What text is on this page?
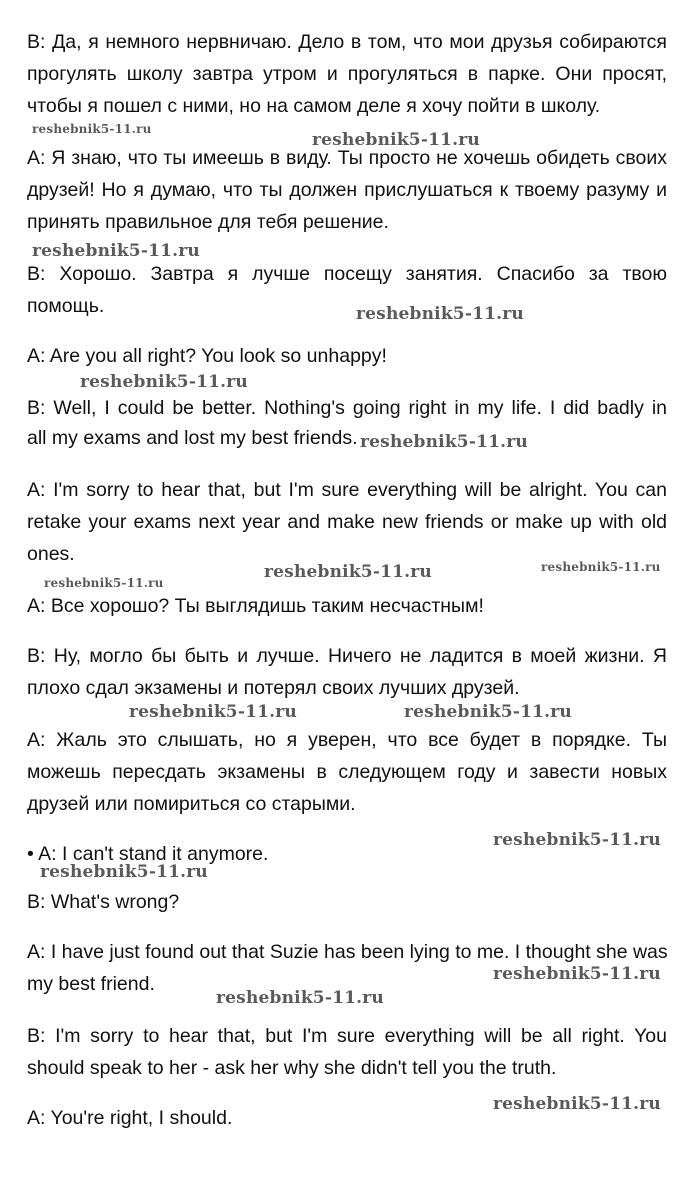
В: Да, я немного нервничаю. Дело в том, что мои друзья собираются
прогулять школу завтра утром и прогуляться в парке. Они просят,
чтобы я пошел с ними, но на самом деле я хочу пойти в школу.
А: Я знаю, что ты имеешь в виду. Ты просто не хочешь обидеть своих
друзей! Но я думаю, что ты должен прислушаться к твоему разуму и
принять правильное для тебя решение.
В: Хорошо. Завтра я лучше посещу занятия. Спасибо за твою
помощь.
A: Are you all right? You look so unhappy!
B: Well, I could be better. Nothing's going right in my life. I did badly in
all my exams and lost my best friends.
A: I'm sorry to hear that, but I'm sure everything will be alright. You can
retake your exams next year and make new friends or make up with old
ones.
А: Все хорошо? Ты выглядишь таким несчастным!
В: Ну, могло бы быть и лучше. Ничего не ладится в моей жизни. Я
плохо сдал экзамены и потерял своих лучших друзей.
А: Жаль это слышать, но я уверен, что все будет в порядке. Ты
можешь пересдать экзамены в следующем году и завести новых
друзей или помириться со старыми.
• A: I can't stand it anymore.
B: What's wrong?
A: I have just found out that Suzie has been lying to me. I thought she was
my best friend.
B: I'm sorry to hear that, but I'm sure everything will be all right. You
should speak to her - ask her why she didn't tell you the truth.
A: You're right, I should.
reshebnik5-11.ru
reshebnik5-11.ru
reshebnik5-11.ru
reshebnik5-11.ru
reshebnik5-11.ru
reshebnik5-11.ru
reshebnik5-11.ru
reshebnik5-11.ru	reshebnik5-11.ru
reshebnik5-11.ru	reshebnik5-11.ru
reshebnik5-11.ru
reshebnik5-11.ru
reshebnik5-11.ru
reshebnik5-11.ru
reshebnik5-11.ru
